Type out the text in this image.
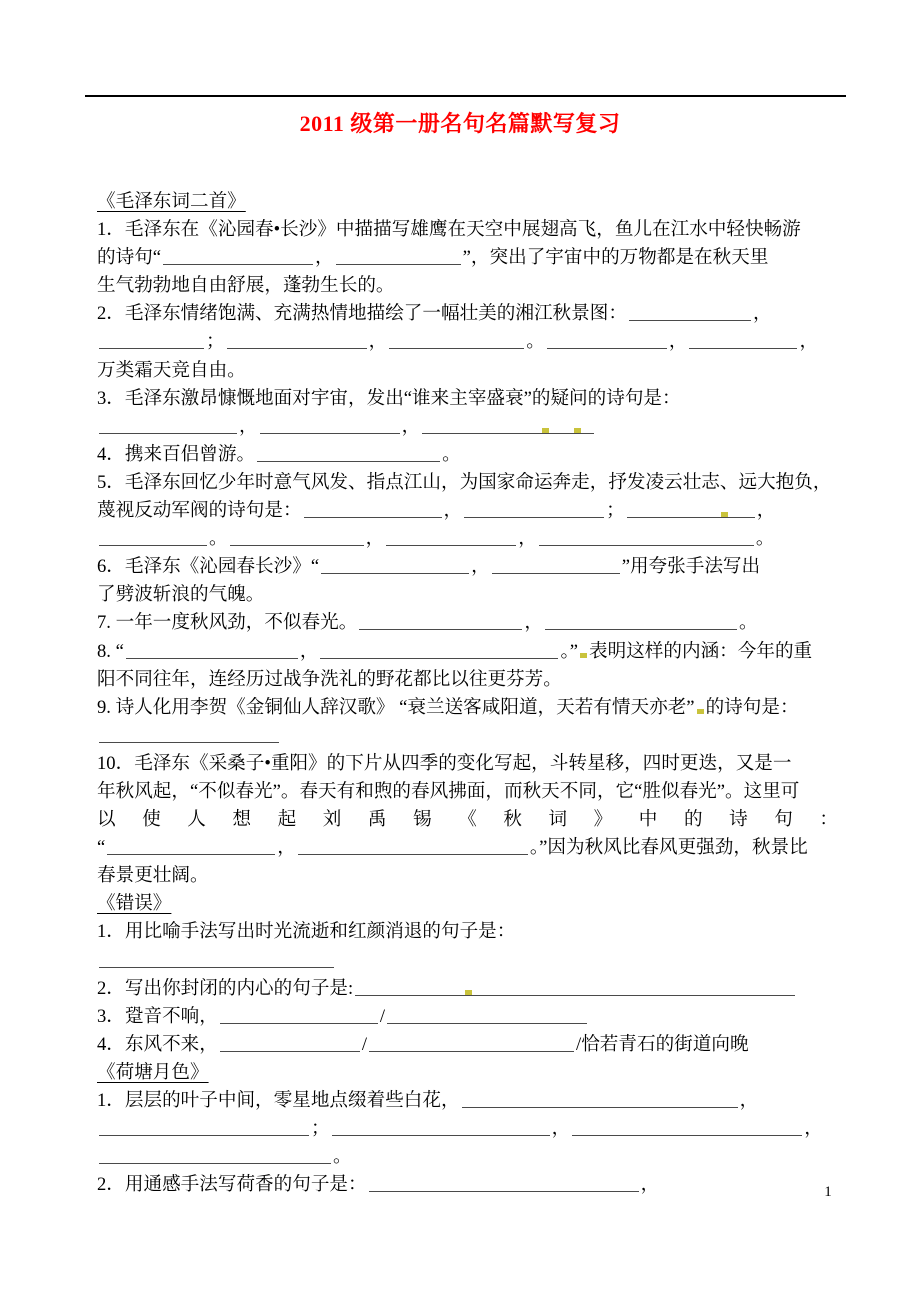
2011 级第一册名句名篇默写复习
《毛泽东词二首》
1．毛泽东在《沁园春•长沙》中描描写雄鹰在天空中展翅高飞，鱼儿在江水中轻快畅游
的诗句“	，	”，突出了宇宙中的万物都是在秋天里
生气勃勃地自由舒展，蓬勃生长的。
2．毛泽东情绪饱满、充满热情地描绘了一幅壮美的湘江秋景图：	，
；	，	。	，	，
万类霜天竞自由。
3．毛泽东激昂慷慨地面对宇宙，发出“谁来主宰盛衰”的疑问的诗句是：
，	，
4．携来百侣曾游。	。
5．毛泽东回忆少年时意气风发、指点江山，为国家命运奔走，抒发凌云壮志、远大抱负，
蔑视反动军阀的诗句是：	，	；	，
。	，	，	。
6．毛泽东《沁园春长沙》“	，	”用夸张手法写出
了劈波斩浪的气魄。
7. 一年一度秋风劲，不似春光。	，	。
8. “	，	。” 表明这样的内涵：今年的重
阳不同往年，连经历过战争洗礼的野花都比以往更芬芳。
9. 诗人化用李贺《金铜仙人辞汉歌》 “衰兰送客咸阳道，天若有情天亦老” 的诗句是：
10．毛泽东《采桑子•重阳》的下片从四季的变化写起，斗转星移，四时更迭，又是一
年秋风起，“不似春光”。春天有和煦的春风拂面，而秋天不同，它“胜似春光”。这里可
以 使 人 想 起 刘 禹 锡 《 秋 词 》 中 的 诗 句 ：
“	，	。”因为秋风比春风更强劲，秋景比
春景更壮阔。
《错误》
1．用比喻手法写出时光流逝和红颜消退的句子是：
2．写出你封闭的内心的句子是:
3．跫音不响，	/
4．东风不来，	/	/恰若青石的街道向晚
《荷塘月色》
1．层层的叶子中间，零星地点缀着些白花，	，
；	，	，
。
2．用通感手法写荷香的句子是：	，	1
